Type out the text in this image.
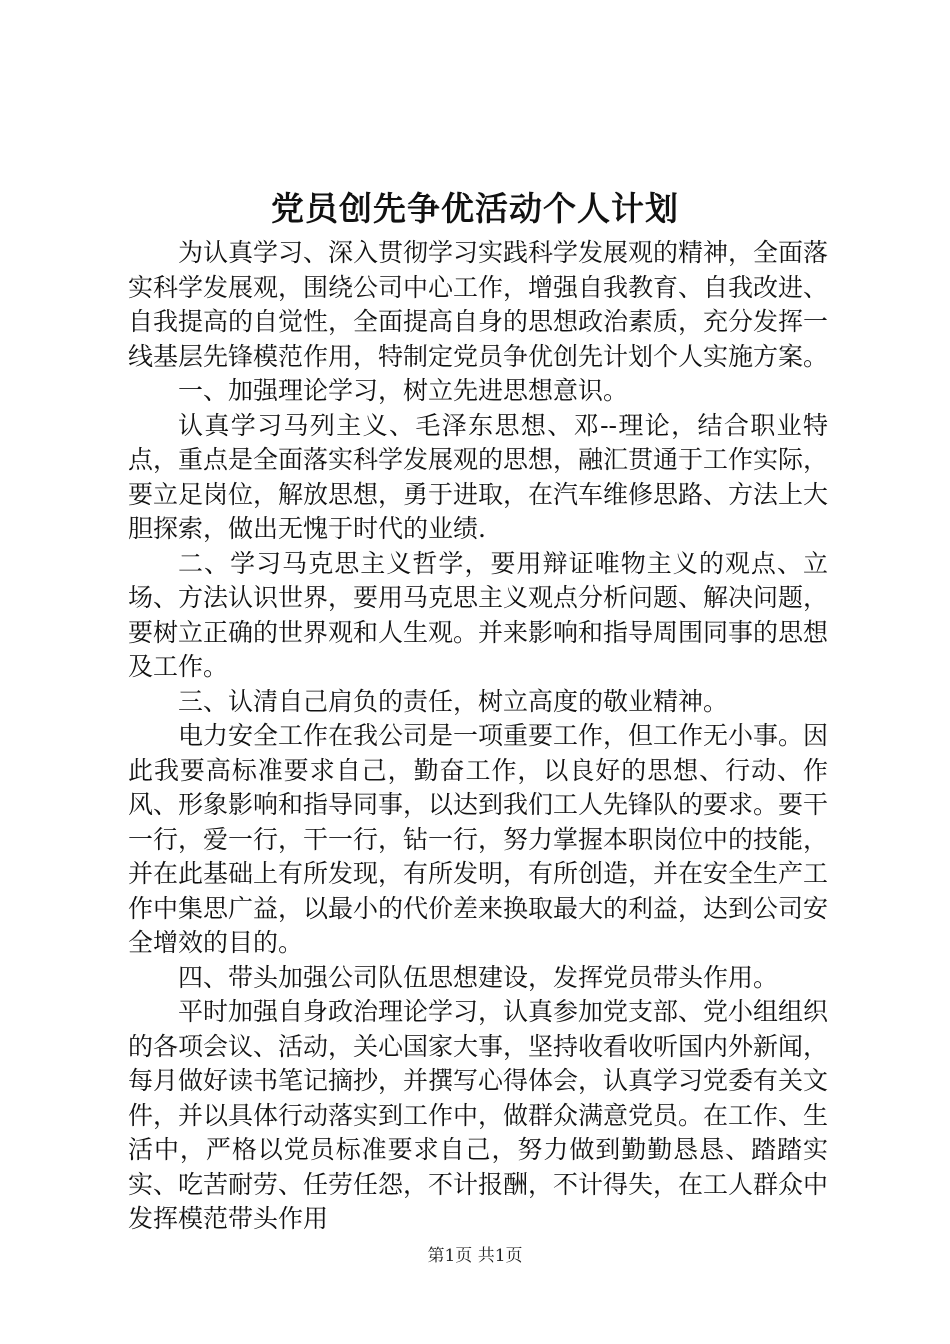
党员创先争优活动个人计划

为认真学习、深入贯彻学习实践科学发展观的精神，全面落实科学发展观，围绕公司中心工作，增强自我教育、自我改进、自我提高的自觉性，全面提高自身的思想政治素质，充分发挥一线基层先锋模范作用，特制定党员争优创先计划个人实施方案。

一、加强理论学习，树立先进思想意识。

认真学习马列主义、毛泽东思想、邓--理论，结合职业特点，重点是全面落实科学发展观的思想，融汇贯通于工作实际，要立足岗位，解放思想，勇于进取，在汽车维修思路、方法上大胆探索，做出无愧于时代的业绩.

二、学习马克思主义哲学，要用辩证唯物主义的观点、立场、方法认识世界，要用马克思主义观点分析问题、解决问题，要树立正确的世界观和人生观。并来影响和指导周围同事的思想及工作。

三、认清自己肩负的责任，树立高度的敬业精神。

电力安全工作在我公司是一项重要工作，但工作无小事。因此我要高标准要求自己，勤奋工作，以良好的思想、行动、作风、形象影响和指导同事，以达到我们工人先锋队的要求。要干一行，爱一行，干一行，钻一行，努力掌握本职岗位中的技能，并在此基础上有所发现，有所发明，有所创造，并在安全生产工作中集思广益，以最小的代价差来换取最大的利益，达到公司安全增效的目的。

四、带头加强公司队伍思想建设，发挥党员带头作用。

平时加强自身政治理论学习，认真参加党支部、党小组组织的各项会议、活动，关心国家大事，坚持收看收听国内外新闻，每月做好读书笔记摘抄，并撰写心得体会，认真学习党委有关文件，并以具体行动落实到工作中，做群众满意党员。在工作、生活中，严格以党员标准要求自己，努力做到勤勤恳恳、踏踏实实、吃苦耐劳、任劳任怨，不计报酬，不计得失，在工人群众中发挥模范带头作用

第1页 共1页
